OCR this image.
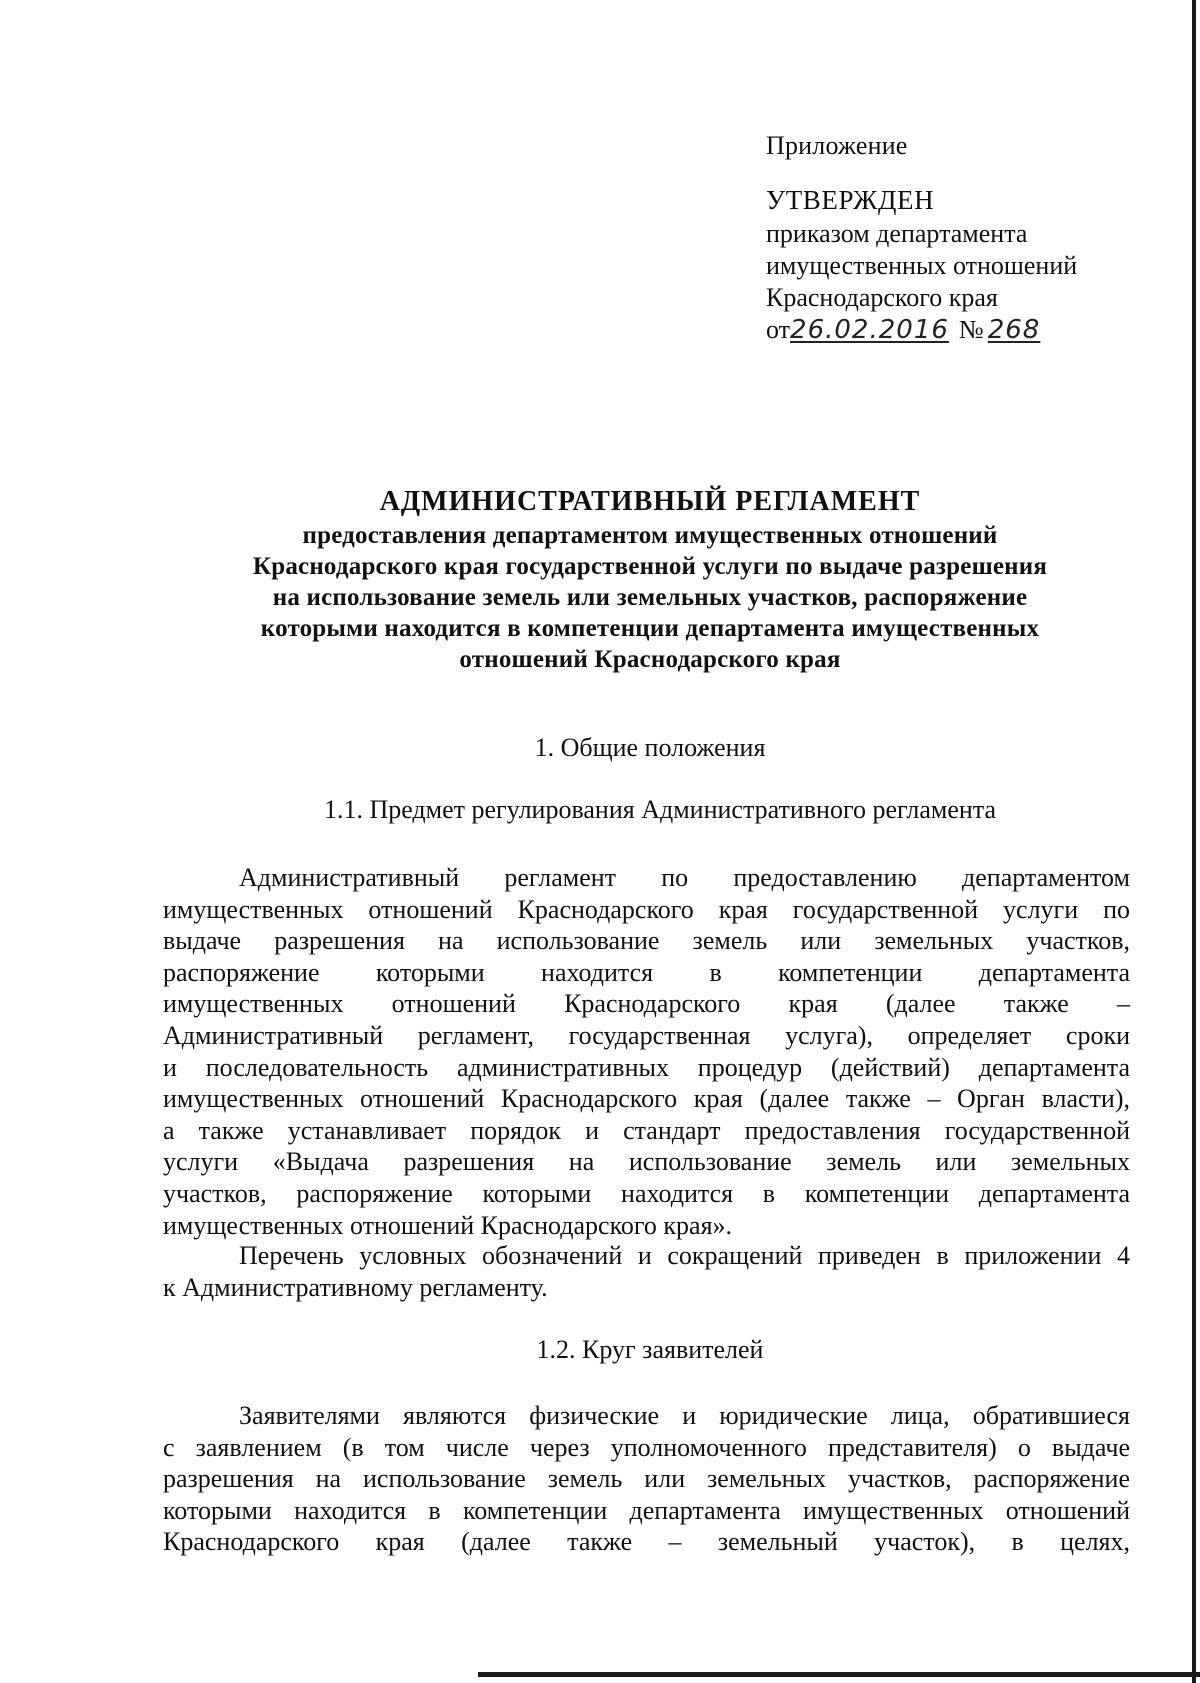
Приложение
УТВЕРЖДЕН
приказом департамента
имущественных отношений
Краснодарского края
от26.02.2016 № 268
АДМИНИСТРАТИВНЫЙ РЕГЛАМЕНТ
предоставления департаментом имущественных отношений
Краснодарского края государственной услуги по выдаче разрешения
на использование земель или земельных участков, распоряжение
которыми находится в компетенции департамента имущественных
отношений Краснодарского края
1. Общие положения
1.1. Предмет регулирования Административного регламента
Административный регламент по предоставлению департаментом
имущественных отношений Краснодарского края государственной услуги по
выдаче разрешения на использование земель или земельных участков,
распоряжение которыми находится в компетенции департамента
имущественных отношений Краснодарского края (далее также –
Административный регламент, государственная услуга), определяет сроки
и последовательность административных процедур (действий) департамента
имущественных отношений Краснодарского края (далее также – Орган власти),
а также устанавливает порядок и стандарт предоставления государственной
услуги «Выдача разрешения на использование земель или земельных
участков, распоряжение которыми находится в компетенции департамента
имущественных отношений Краснодарского края».
Перечень условных обозначений и сокращений приведен в приложении 4
к Административному регламенту.
1.2. Круг заявителей
Заявителями являются физические и юридические лица, обратившиеся
с заявлением (в том числе через уполномоченного представителя) о выдаче
разрешения на использование земель или земельных участков, распоряжение
которыми находится в компетенции департамента имущественных отношений
Краснодарского края (далее также – земельный участок), в целях,
